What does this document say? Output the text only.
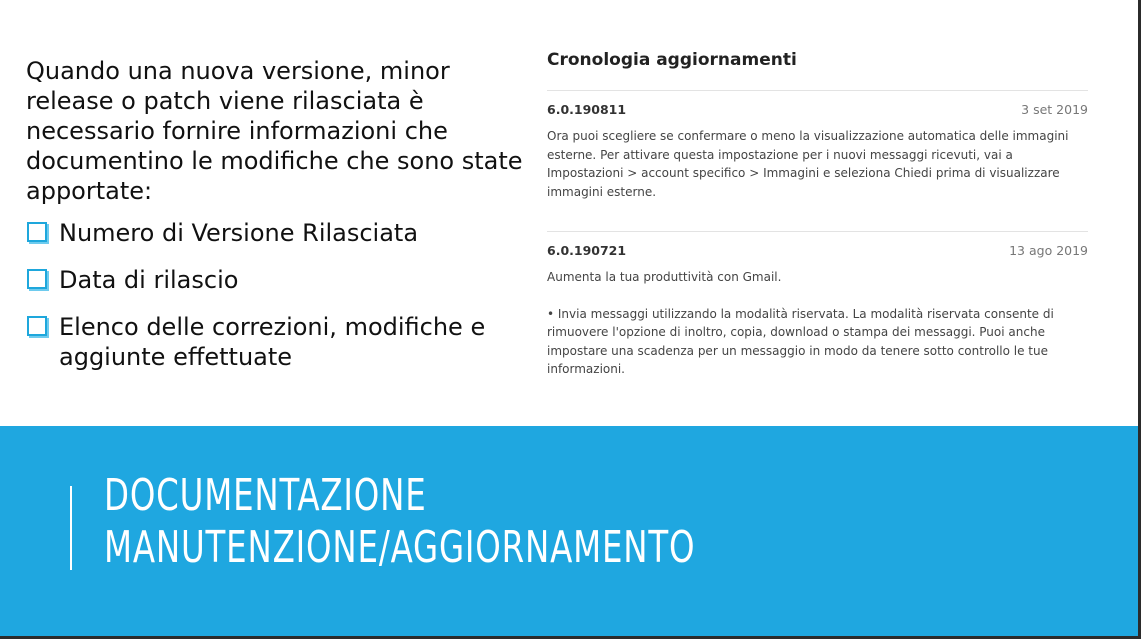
Quando una nuova versione, minor release o patch viene rilasciata è necessario fornire informazioni che documentino le modifiche che sono state apportate:

Numero di Versione Rilasciata
Data di rilascio
Elenco delle correzioni, modifiche e aggiunte effettuate
Cronologia aggiornamenti
6.0.190811	3 set 2019

Ora puoi scegliere se confermare o meno la visualizzazione automatica delle immagini esterne. Per attivare questa impostazione per i nuovi messaggi ricevuti, vai a Impostazioni > account specifico > Immagini e seleziona Chiedi prima di visualizzare immagini esterne.

6.0.190721	13 ago 2019

Aumenta la tua produttività con Gmail.

• Invia messaggi utilizzando la modalità riservata. La modalità riservata consente di rimuovere l'opzione di inoltro, copia, download o stampa dei messaggi. Puoi anche impostare una scadenza per un messaggio in modo da tenere sotto controllo le tue informazioni.

DOCUMENTAZIONE
MANUTENZIONE/AGGIORNAMENTO
